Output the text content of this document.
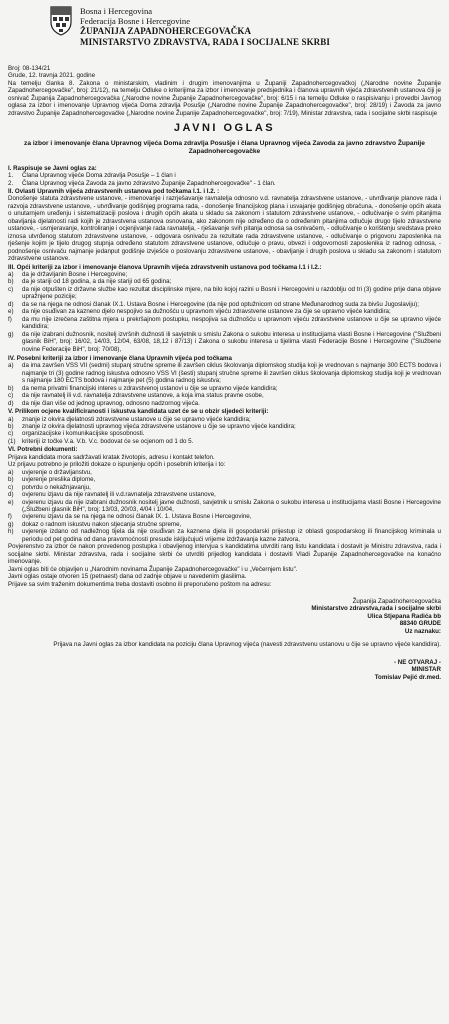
Bosna i Hercegovina
Federacija Bosne i Hercegovine
ŽUPANIJA ZAPADNOHERCEGOVAČKA
MINISTARSTVO ZDRAVSTVA, RADA I SOCIJALNE SKRBI

Broj: 08-134/21

Grude, 12. travnja 2021. godine

Na temelju članka 8. Zakona o ministarskim, vladinim i drugim imenovanjima u Županiji Zapadnohercegovačkoj („Narodne novine Županije Zapadnohercegovačke", broj: 21/12), na temelju Odluke o kriterijima za izbor i imenovanje predsjednika i članova upravnih vijeća zdravstvenih ustanova čiji je osnivač Županija Zapadnohercegovačka („Narodne novine Županije Zapadnohercegovačke", broj: 6/15 i na temelju Odluke o raspisivanju i provedbi Javnog oglasa za izbor i imenovanje Upravnog vijeća Doma zdravlja Posušje („Narodne novine Županije Zapadnohercegovačke", broj: 28/19) i Zavoda za javno zdravstvo Županije Zapadnohercegovačke („Narodne novine Županije Zapadnohercegovačke", broj: 7/19), Ministar zdravstva, rada i socijalne skrbi raspisuje

JAVNI OGLAS
za izbor i imenovanje člana Upravnog vijeća Doma zdravlja Posušje i člana Upravnog vijeća Zavoda za javno zdravstvo Županije Zapadnohercegovačke

I. Raspisuje se Javni oglas za:

1.	Člana Upravnog vijeće Doma zdravlja Posušje – 1 član i
2.	Člana Upravnog vijeća Zavoda za javno zdravstvo Županije Zapadnohercegovačke" - 1 član.

II. Ovlasti Upravnih vijeća zdravstvenih ustanova pod točkama I.1. i I.2. :

Donošenje statuta zdravstvene ustanove, - imenovanje i razrješavanje ravnatelja odnosno v.d. ravnatelja zdravstvene ustanove, - utvrđivanje planove rada i razvoja zdravstvene ustanove, - utvrđivanje godišnjeg programa rada, - donošenje financijskog plana i usvajanje godišnjeg obračuna, - donošenje općih akata o unutarnjem uređenju i sistematizaciji poslova i drugih općih akata u skladu sa zakonom i statutom zdravstvene ustanove, - odlučivanje o svim pitanjima obavljanja djelatnosti radi kojih je zdravstvena ustanova osnovana, ako zakonom nije određeno da o određenim pitanjima odlučuje drugo tijelo zdravstvene ustanove, - usmjeravanje, kontroliranje i ocjenjivanje rada ravnatelja, - rješavanje svih pitanja odnosa sa osnivačem, - odlučivanje o korištenju sredstava preko iznosa utvrđenog statutom zdravstvene ustanove, - odgovara osnivaču za rezultate rada zdravstvene ustanove, - odlučivanje o prigovoru zaposlenika na rješenje kojim je tijelo drugog stupnja određeno statutom zdravstvene ustanove, odlučuje o pravu, obvezi i odgovornosti zaposlenika iz radnog odnosa, - podnošenje osnivaču najmanje jedanput godišnje izvješće o poslovanju zdravstvene ustanove, - obavljanje i drugih poslova u skladu sa zakonom i statutom zdravstvene ustanove.

III. Opći kriteriji za izbor i imenovanje članova Upravnih vijeća zdravstvenih ustanova pod točkama I.1 i I.2.:

a)	da je državljanin Bosne i Hercegovine;
b)	da je stariji od 18 godina, a da nije stariji od 65 godina;
c)	da nije otpušten iz državne službe kao rezultat disciplinske mjere, na bilo kojoj razini u Bosni i Hercegovini u razdoblju od tri (3) godine prije dana objave upražnjene pozicije;
d)	da se na njega ne odnosi članak IX.1. Ustava Bosne i Hercegovine (da nije pod optužnicom od strane Međunarodnog suda za bivšu Jugoslaviju);
e)	da nije osuđivan za kazneno djelo nespojivo sa dužnošću u upravnom vijeću zdravstvene ustanove za čije se upravno vijeće kandidira;
f)	da mu nije izrečena zaštitna mjera u prekršajnom postupku, nespojiva sa dužnošću u upravnom vijeću zdravstvene ustanove u čije se upravno vijeće kandidira;
g)	da nije izabrani dužnosnik, nositelj izvršnih dužnosti ili savjetnik u smislu Zakona o sukobu interesa u institucijama vlasti Bosne i Hercegovine ("Službeni glasnik BiH", broj: 16/02, 14/03, 12/04, 63/08, 18,12 i 87/13) i Zakona o sukobu interesa u tijelima vlasti Federacije Bosne i Hercegovine ("Službene novine Federacije BiH", broj: 70/08),

IV. Posebni kriteriji za izbor i imenovanje člana Upravnih vijeća pod točkama

a)	da ima završen VSS VII (sedmi) stupanj stručne spreme ili završen ciklus školovanja diplomskog studija koji je vrednovan s najmanje 300 ECTS bodova i najmanje tri (3) godine radnog iskustva odnosno VSS VI (šesti) stupanj stručne spreme ili završen ciklus školovanja diplomskog studija koji je vrednovan s najmanje 180 ECTS bodova i najmanje pet (5) godina radnog iskustva;
b)	da nema privatni financijski interes u zdravstvenoj ustanovi u čije se upravno vijeće kandidira;
c)	da nije ravnatelj ili v.d. ravnatelja zdravstvene ustanove, a koja ima status pravne osobe,
d)	da nije član više od jednog upravnog, odnosno nadzornog vijeća.

V. Prilikom ocjene kvalificiranosti i iskustva kandidata uzet će se u obzir sljedeći kriteriji:

a)	znanje iz okvira djelatnosti zdravstvene ustanove u čije se upravno vijeće kandidira;
b)	znanje iz okvira djelatnosti upravnog vijeća zdravstvene ustanove u čije se upravno vijeće kandidira;
c)	organizacijske i komunikacijske sposobnosti.
(1)	kriteriji iz točke V.a. V.b. V.c. bodovat će se ocjenom od 1 do 5.

VI. Potrebni dokumenti:

Prijava kandidata mora sadržavati kratak životopis, adresu i kontakt telefon.

Uz prijavu potrebno je priložiti dokaze o ispunjenju općih i posebnih kriterija i to:

a)	uvjerenje o državljanstvu,
b)	uvjerenje preslika diplome,
c)	potvrdu o nekažnjavanju,
d)	ovjerenu izjavu da nije ravnatelj ili v.d.ravnatelja zdravstvene ustanove,
e)	ovjerenu izjavu da nije izabrani dužnosnik nositelj javne dužnosti, savjetnik u smislu Zakona o sukobu interesa u institucijama vlasti Bosne i Hercegovine („Službeni glasnik BiH", broj: 13/03, 20/03, 4/04 i 10/04,
f)	ovjerenu izjavu da se na njega ne odnosi članak IX. 1. Ustava Bosne i Hercegovine,
g)	dokaz o radnom iskustvu nakon stjecanja stručne spreme,
h)	uvjerenje izdano od nadležnog tijela da nije osuđivan za kaznena djela ili gospodarski prijestup iz oblasti gospodarskog ili financijskog kriminala u periodu od pet godina od dana pravomoćnosti presude isključujući vrijeme izdržavanja kazne zatvora,

Povjerenstvo za izbor će nakon provedenog postupka i obavljenog intervjua s kandidatima utvrditi rang listu kandidata i dostavit je Ministru zdravstva, rada i socijalne skrbi. Ministar zdravstva, rada i socijalne skrbi će utvrditi prijedlog kandidata i dostaviti Vladi Županije Zapadnohercegovačke na konačno imenovanje.

Javni oglas biti će objavljen u „Narodnim novinama Županije Zapadnohercegovačke" i u „Večernjem listu".

Javni oglas ostaje otvoren 15 (petnaest) dana od zadnje objave u navedenim glasilima.

Prijave sa svim traženim dokumentima treba dostaviti osobno ili preporučeno poštom na adresu:

Županija Zapadnohercegovačka
Ministarstvo zdravstva,rada i socijalne skrbi
Ulica Stjepana Radića bb
88340 GRUDE
Uz naznaku:

Prijava na Javni oglas za izbor kandidata na poziciju člana Upravnog vijeća (navesti zdravstvenu ustanovu u čije se upravno vijeće kandidira).

- NE OTVARAJ -
MINISTAR
Tomislav Pejić dr.med.
